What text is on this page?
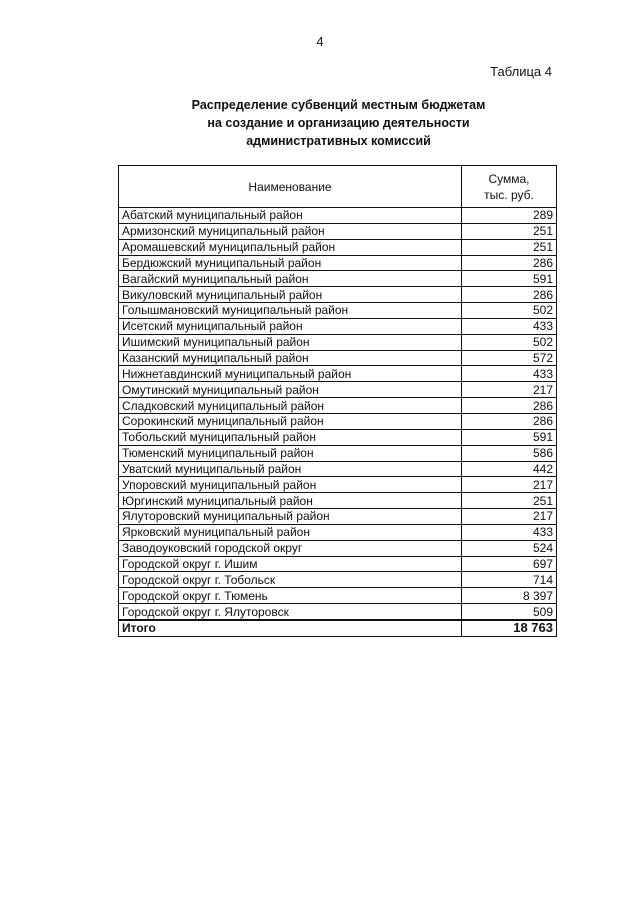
4
Таблица 4
Распределение субвенций местным бюджетам
на создание и организацию деятельности
административных комиссий
Наименование	Сумма,
тыс. руб.
Абатский муниципальный район	289
Армизонский муниципальный район	251
Аромашевский муниципальный район	251
Бердюжский муниципальный район	286
Вагайский муниципальный район	591
Викуловский муниципальный район	286
Голышмановский муниципальный район	502
Исетский муниципальный район	433
Ишимский муниципальный район	502
Казанский муниципальный район	572
Нижнетавдинский муниципальный район	433
Омутинский муниципальный район	217
Сладковский муниципальный район	286
Сорокинский муниципальный район	286
Тобольский муниципальный район	591
Тюменский муниципальный район	586
Уватский муниципальный район	442
Упоровский муниципальный район	217
Юргинский муниципальный район	251
Ялуторовский муниципальный район	217
Ярковский муниципальный район	433
Заводоуковский городской округ	524
Городской округ г. Ишим	697
Городской округ г. Тобольск	714
Городской округ г. Тюмень	8 397
Городской округ г. Ялуторовск	509
Итого	18 763
